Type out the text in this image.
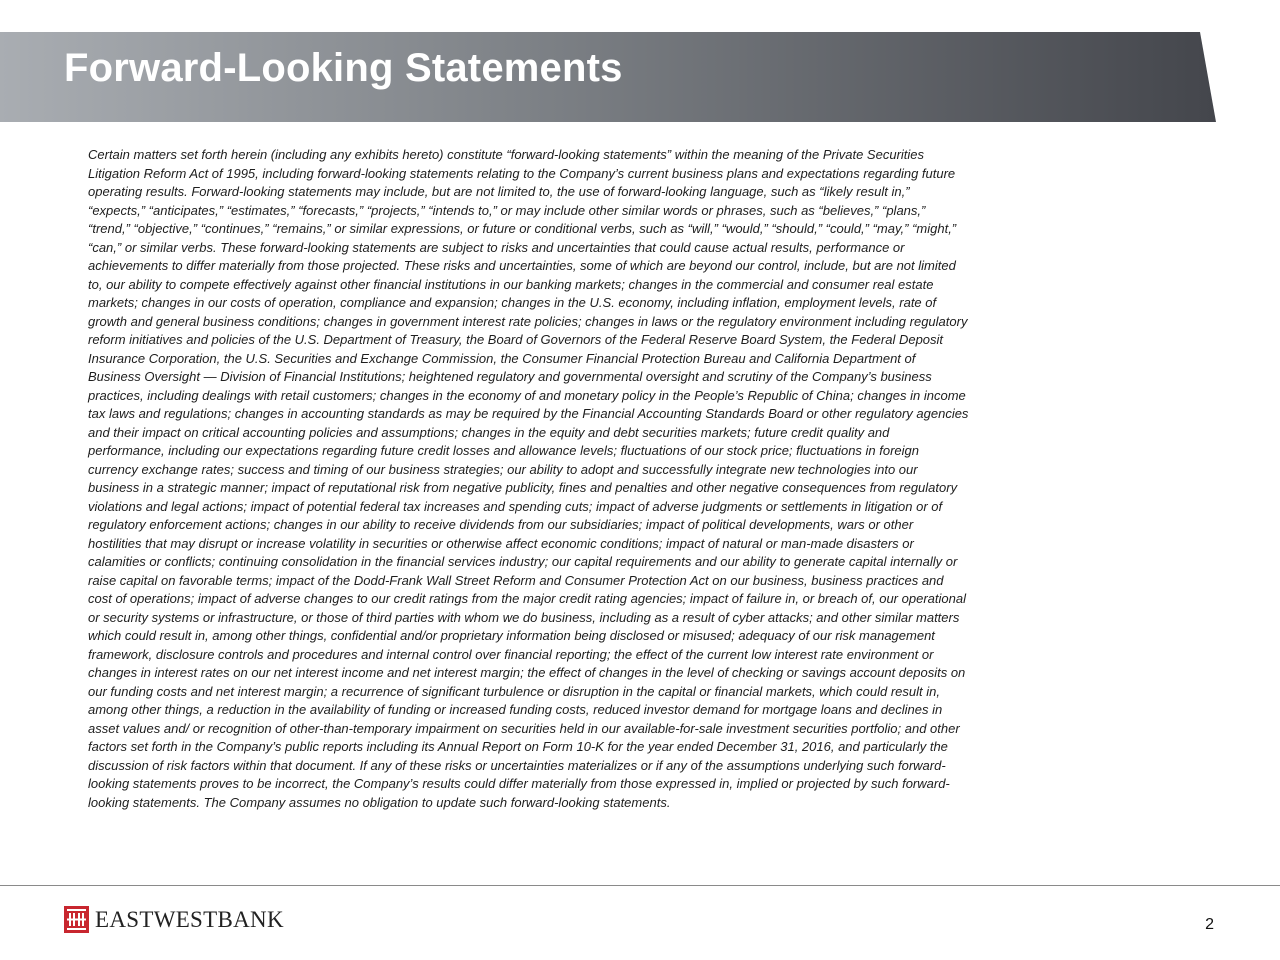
Forward-Looking Statements
Certain matters set forth herein (including any exhibits hereto) constitute “forward-looking statements” within the meaning of the Private Securities
Litigation Reform Act of 1995, including forward-looking statements relating to the Company’s current business plans and expectations regarding future
operating results. Forward-looking statements may include, but are not limited to, the use of forward-looking language, such as “likely result in,”
“expects,” “anticipates,” “estimates,” “forecasts,” “projects,” “intends to,” or may include other similar words or phrases, such as “believes,” “plans,”
“trend,” “objective,” “continues,” “remains,” or similar expressions, or future or conditional verbs, such as “will,” “would,” “should,” “could,” “may,” “might,”
“can,” or similar verbs. These forward-looking statements are subject to risks and uncertainties that could cause actual results, performance or
achievements to differ materially from those projected. These risks and uncertainties, some of which are beyond our control, include, but are not limited
to, our ability to compete effectively against other financial institutions in our banking markets; changes in the commercial and consumer real estate
markets; changes in our costs of operation, compliance and expansion; changes in the U.S. economy, including inflation, employment levels, rate of
growth and general business conditions; changes in government interest rate policies; changes in laws or the regulatory environment including regulatory
reform initiatives and policies of the U.S. Department of Treasury, the Board of Governors of the Federal Reserve Board System, the Federal Deposit
Insurance Corporation, the U.S. Securities and Exchange Commission, the Consumer Financial Protection Bureau and California Department of
Business Oversight — Division of Financial Institutions; heightened regulatory and governmental oversight and scrutiny of the Company’s business
practices, including dealings with retail customers; changes in the economy of and monetary policy in the People’s Republic of China; changes in income
tax laws and regulations; changes in accounting standards as may be required by the Financial Accounting Standards Board or other regulatory agencies
and their impact on critical accounting policies and assumptions; changes in the equity and debt securities markets; future credit quality and
performance, including our expectations regarding future credit losses and allowance levels; fluctuations of our stock price; fluctuations in foreign
currency exchange rates; success and timing of our business strategies; our ability to adopt and successfully integrate new technologies into our
business in a strategic manner; impact of reputational risk from negative publicity, fines and penalties and other negative consequences from regulatory
violations and legal actions; impact of potential federal tax increases and spending cuts; impact of adverse judgments or settlements in litigation or of
regulatory enforcement actions; changes in our ability to receive dividends from our subsidiaries; impact of political developments, wars or other
hostilities that may disrupt or increase volatility in securities or otherwise affect economic conditions; impact of natural or man-made disasters or
calamities or conflicts; continuing consolidation in the financial services industry; our capital requirements and our ability to generate capital internally or
raise capital on favorable terms; impact of the Dodd-Frank Wall Street Reform and Consumer Protection Act on our business, business practices and
cost of operations; impact of adverse changes to our credit ratings from the major credit rating agencies; impact of failure in, or breach of, our operational
or security systems or infrastructure, or those of third parties with whom we do business, including as a result of cyber attacks; and other similar matters
which could result in, among other things, confidential and/or proprietary information being disclosed or misused; adequacy of our risk management
framework, disclosure controls and procedures and internal control over financial reporting; the effect of the current low interest rate environment or
changes in interest rates on our net interest income and net interest margin; the effect of changes in the level of checking or savings account deposits on
our funding costs and net interest margin; a recurrence of significant turbulence or disruption in the capital or financial markets, which could result in,
among other things, a reduction in the availability of funding or increased funding costs, reduced investor demand for mortgage loans and declines in
asset values and/ or recognition of other-than-temporary impairment on securities held in our available-for-sale investment securities portfolio; and other
factors set forth in the Company’s public reports including its Annual Report on Form 10-K for the year ended December 31, 2016, and particularly the
discussion of risk factors within that document. If any of these risks or uncertainties materializes or if any of the assumptions underlying such forward-
looking statements proves to be incorrect, the Company’s results could differ materially from those expressed in, implied or projected by such forward-
looking statements. The Company assumes no obligation to update such forward-looking statements.
EASTWESTBANK	2
